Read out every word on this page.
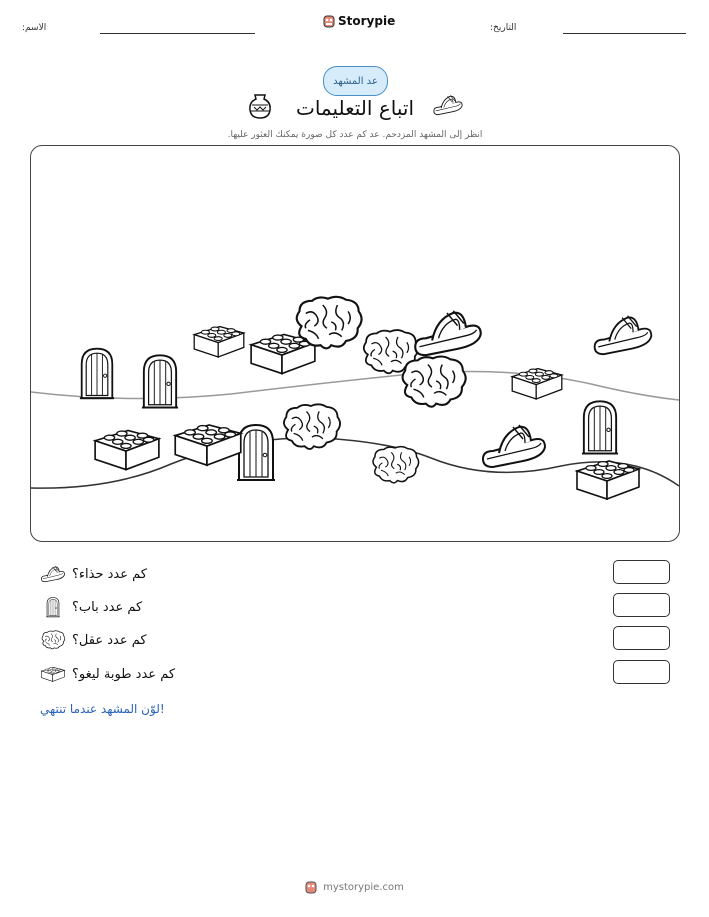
:الاسم	Storypie	:التاريخ
عد المشهد
اتباع التعليمات
انظر إلى المشهد المزدحم. عد كم عدد كل صورة يمكنك العثور عليها.
كم عدد حذاء؟
كم عدد باب؟
كم عدد عقل؟
كم عدد طوبة ليغو؟
!لوّن المشهد عندما تنتهي
mystorypie.com
